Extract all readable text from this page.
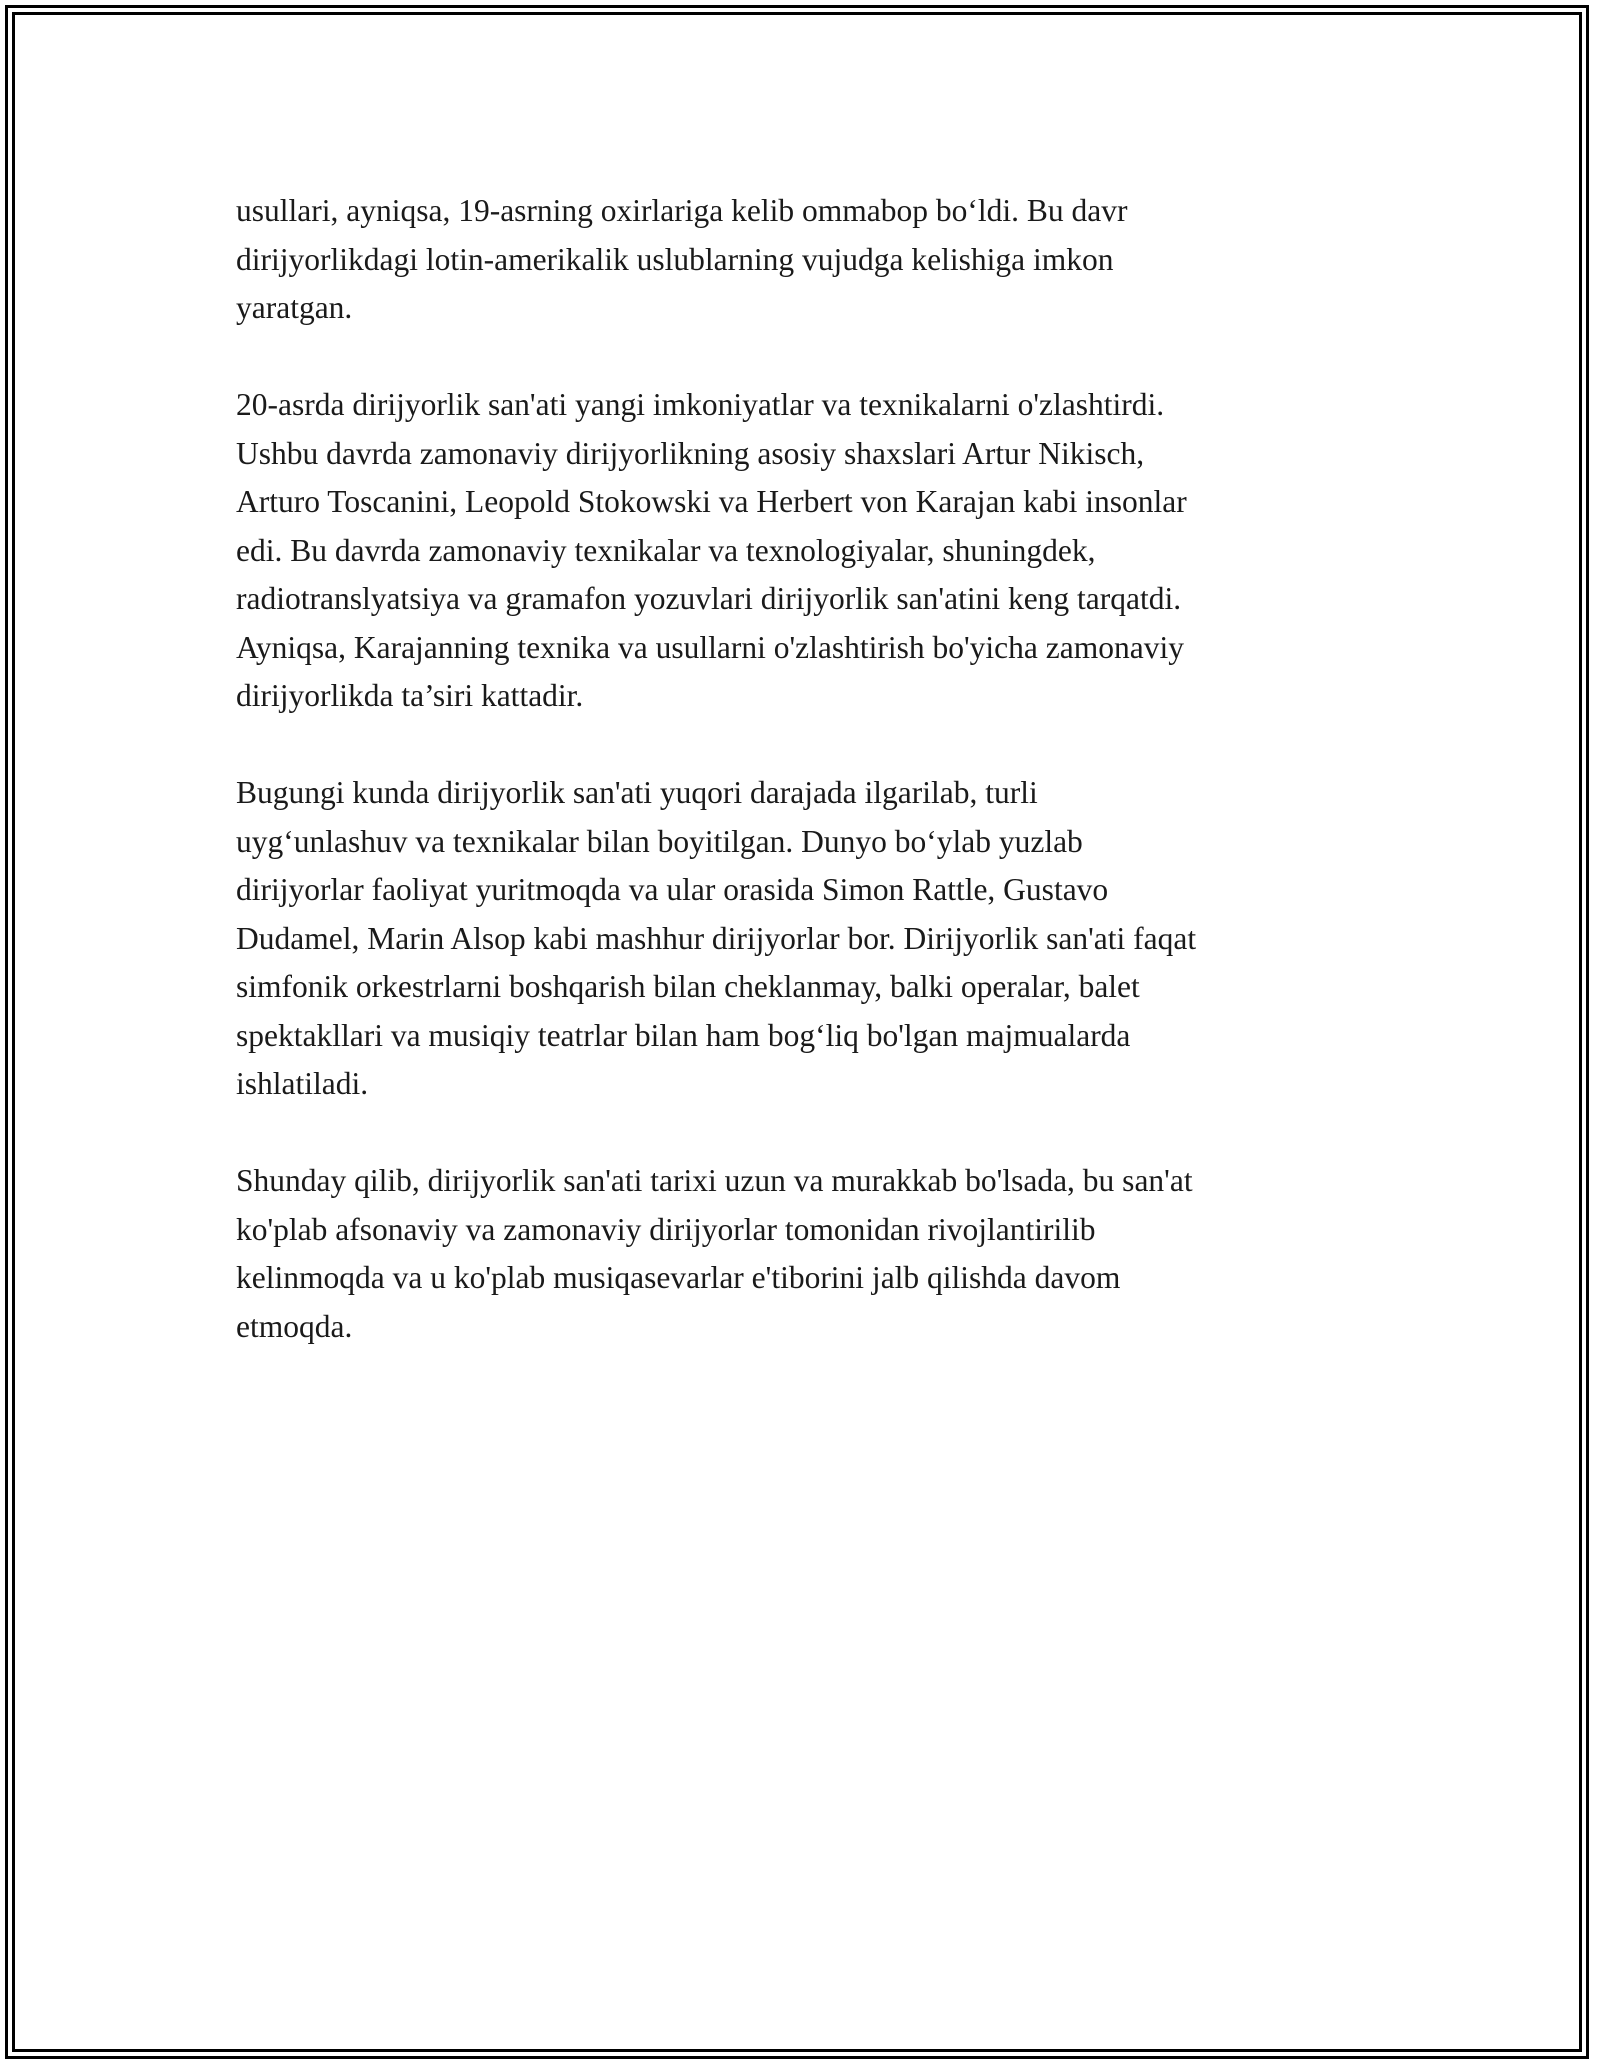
usullari, ayniqsa, 19-asrning oxirlariga kelib ommabop bo‘ldi. Bu davr
dirijyorlikdagi lotin-amerikalik uslublarning vujudga kelishiga imkon
yaratgan.

20-asrda dirijyorlik san'ati yangi imkoniyatlar va texnikalarni o'zlashtirdi.
Ushbu davrda zamonaviy dirijyorlikning asosiy shaxslari Artur Nikisch,
Arturo Toscanini, Leopold Stokowski va Herbert von Karajan kabi insonlar
edi. Bu davrda zamonaviy texnikalar va texnologiyalar, shuningdek,
radiotranslyatsiya va gramafon yozuvlari dirijyorlik san'atini keng tarqatdi.
Ayniqsa, Karajanning texnika va usullarni o'zlashtirish bo'yicha zamonaviy
dirijyorlikda ta’siri kattadir.

Bugungi kunda dirijyorlik san'ati yuqori darajada ilgarilab, turli
uyg‘unlashuv va texnikalar bilan boyitilgan. Dunyo bo‘ylab yuzlab
dirijyorlar faoliyat yuritmoqda va ular orasida Simon Rattle, Gustavo
Dudamel, Marin Alsop kabi mashhur dirijyorlar bor. Dirijyorlik san'ati faqat
simfonik orkestrlarni boshqarish bilan cheklanmay, balki operalar, balet
spektakllari va musiqiy teatrlar bilan ham bog‘liq bo'lgan majmualarda
ishlatiladi.

Shunday qilib, dirijyorlik san'ati tarixi uzun va murakkab bo'lsada, bu san'at
ko'plab afsonaviy va zamonaviy dirijyorlar tomonidan rivojlantirilib
kelinmoqda va u ko'plab musiqasevarlar e'tiborini jalb qilishda davom
etmoqda.
